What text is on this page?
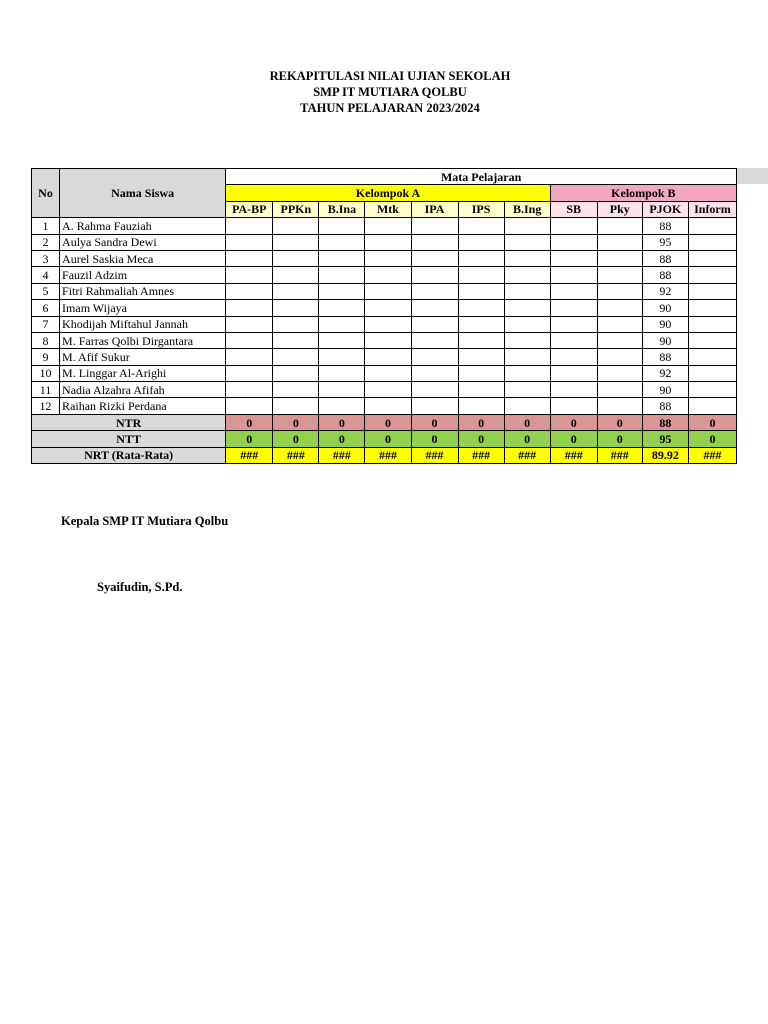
REKAPITULASI NILAI UJIAN SEKOLAH
SMP IT MUTIARA QOLBU
TAHUN PELAJARAN 2023/2024
No	Nama Siswa	Mata Pelajaran										
		Kelompok A							Kelompok B			
		PA-BP	PPKn	B.Ina	Mtk	IPA	IPS	B.Ing	SB	Pky	PJOK	Inform
1	A. Rahma Fauziah										88	
2	Aulya Sandra Dewi										95	
3	Aurel Saskia Meca										88	
4	Fauzil Adzim										88	
5	Fitri Rahmaliah Amnes										92	
6	Imam Wijaya										90	
7	Khodijah Miftahul Jannah										90	
8	M. Farras Qolbi Dirgantara										90	
9	M. Afif Sukur										88	
10	M. Linggar Al-Arighi										92	
11	Nadia Alzahra Afifah										90	
12	Raihan Rizki Perdana										88	
NTR		0	0	0	0	0	0	0	0	0	88	0
NTT		0	0	0	0	0	0	0	0	0	95	0
NRT (Rata-Rata)		###	###	###	###	###	###	###	###	###	89.92	###
Kepala SMP IT Mutiara Qolbu
Syaifudin, S.Pd.
